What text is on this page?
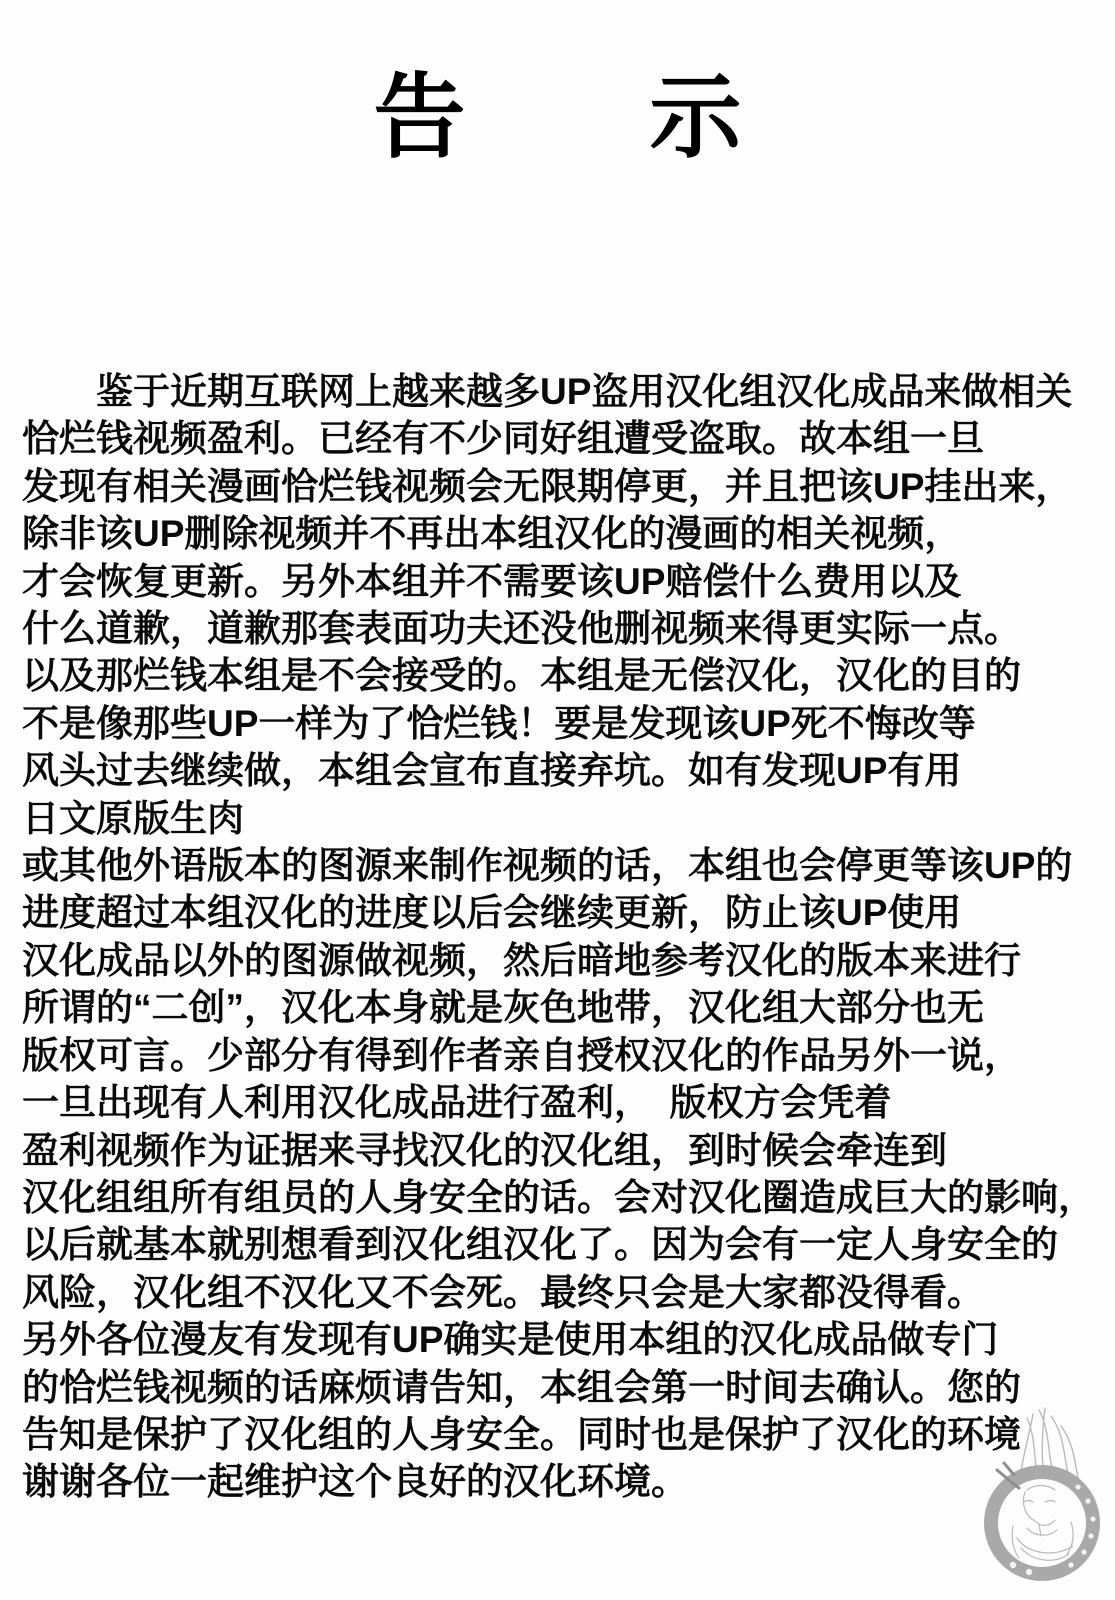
告　　示
鉴于近期互联网上越来越多UP盗用汉化组汉化成品来做相关
恰烂钱视频盈利。已经有不少同好组遭受盗取。故本组一旦
发现有相关漫画恰烂钱视频会无限期停更，并且把该UP挂出来，
除非该UP删除视频并不再出本组汉化的漫画的相关视频，
才会恢复更新。另外本组并不需要该UP赔偿什么费用以及
什么道歉，道歉那套表面功夫还没他删视频来得更实际一点。
以及那烂钱本组是不会接受的。本组是无偿汉化，汉化的目的
不是像那些UP一样为了恰烂钱！要是发现该UP死不悔改等
风头过去继续做，本组会宣布直接弃坑。如有发现UP有用
日文原版生肉
或其他外语版本的图源来制作视频的话，本组也会停更等该UP的
进度超过本组汉化的进度以后会继续更新，防止该UP使用
汉化成品以外的图源做视频，然后暗地参考汉化的版本来进行
所谓的“二创”，汉化本身就是灰色地带，汉化组大部分也无
版权可言。少部分有得到作者亲自授权汉化的作品另外一说，
一旦出现有人利用汉化成品进行盈利，　版权方会凭着
盈利视频作为证据来寻找汉化的汉化组，到时候会牵连到
汉化组组所有组员的人身安全的话。会对汉化圈造成巨大的影响，
以后就基本就别想看到汉化组汉化了。因为会有一定人身安全的
风险，汉化组不汉化又不会死。最终只会是大家都没得看。
另外各位漫友有发现有UP确实是使用本组的汉化成品做专门
的恰烂钱视频的话麻烦请告知，本组会第一时间去确认。您的
告知是保护了汉化组的人身安全。同时也是保护了汉化的环境
谢谢各位一起维护这个良好的汉化环境。
